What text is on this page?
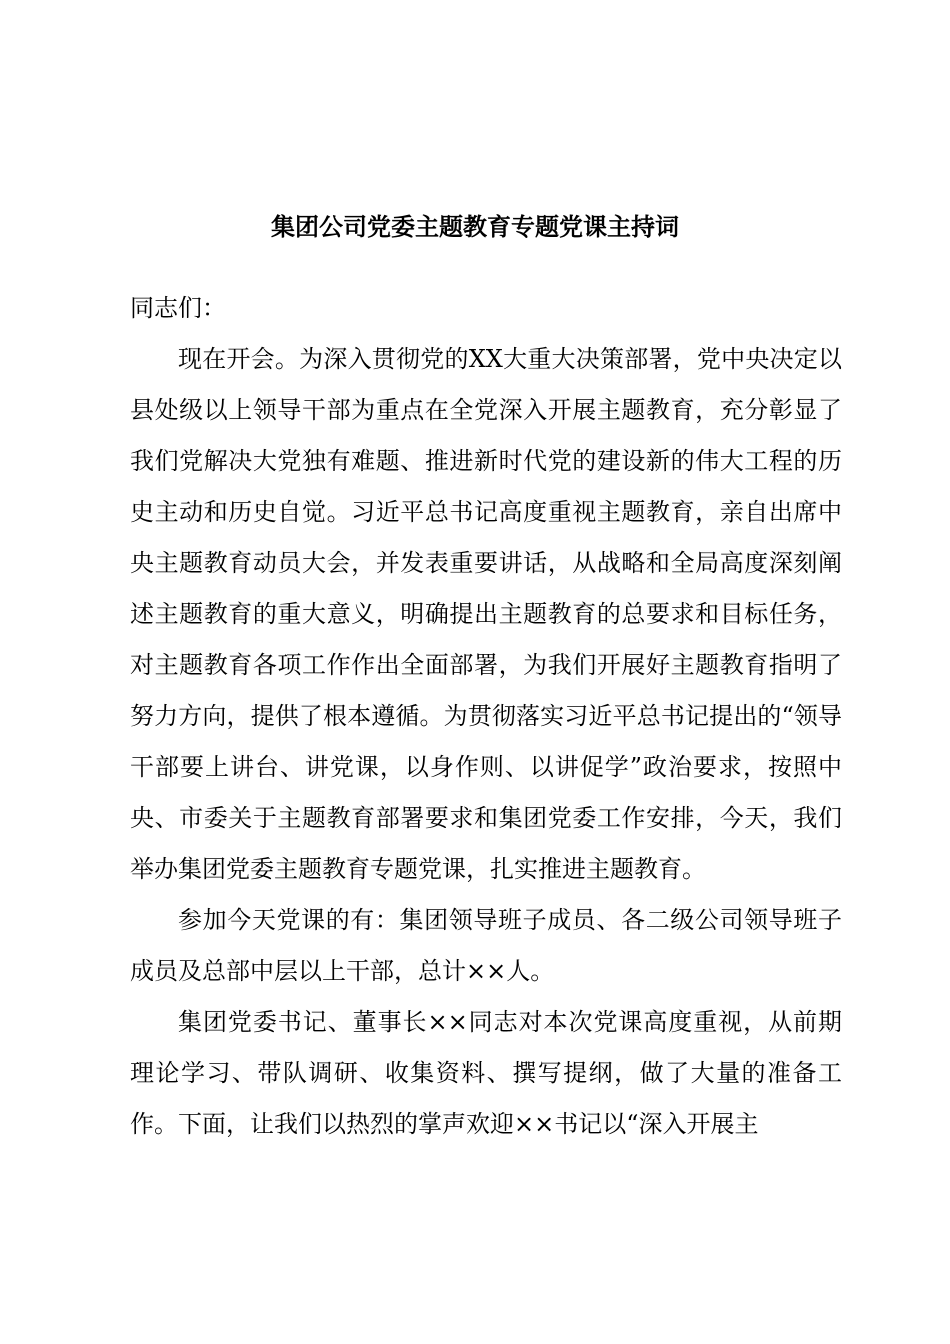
集团公司党委主题教育专题党课主持词

同志们：

现在开会。为深入贯彻党的XX大重大决策部署，党中央决定以县处级以上领导干部为重点在全党深入开展主题教育，充分彰显了我们党解决大党独有难题、推进新时代党的建设新的伟大工程的历史主动和历史自觉。习近平总书记高度重视主题教育，亲自出席中央主题教育动员大会，并发表重要讲话，从战略和全局高度深刻阐述主题教育的重大意义，明确提出主题教育的总要求和目标任务，对主题教育各项工作作出全面部署，为我们开展好主题教育指明了努力方向，提供了根本遵循。为贯彻落实习近平总书记提出的“领导干部要上讲台、讲党课，以身作则、以讲促学”政治要求，按照中央、市委关于主题教育部署要求和集团党委工作安排，今天，我们举办集团党委主题教育专题党课，扎实推进主题教育。

参加今天党课的有：集团领导班子成员、各二级公司领导班子成员及总部中层以上干部，总计××人。

集团党委书记、董事长××同志对本次党课高度重视，从前期理论学习、带队调研、收集资料、撰写提纲，做了大量的准备工作。下面，让我们以热烈的掌声欢迎××书记以“深入开展主
